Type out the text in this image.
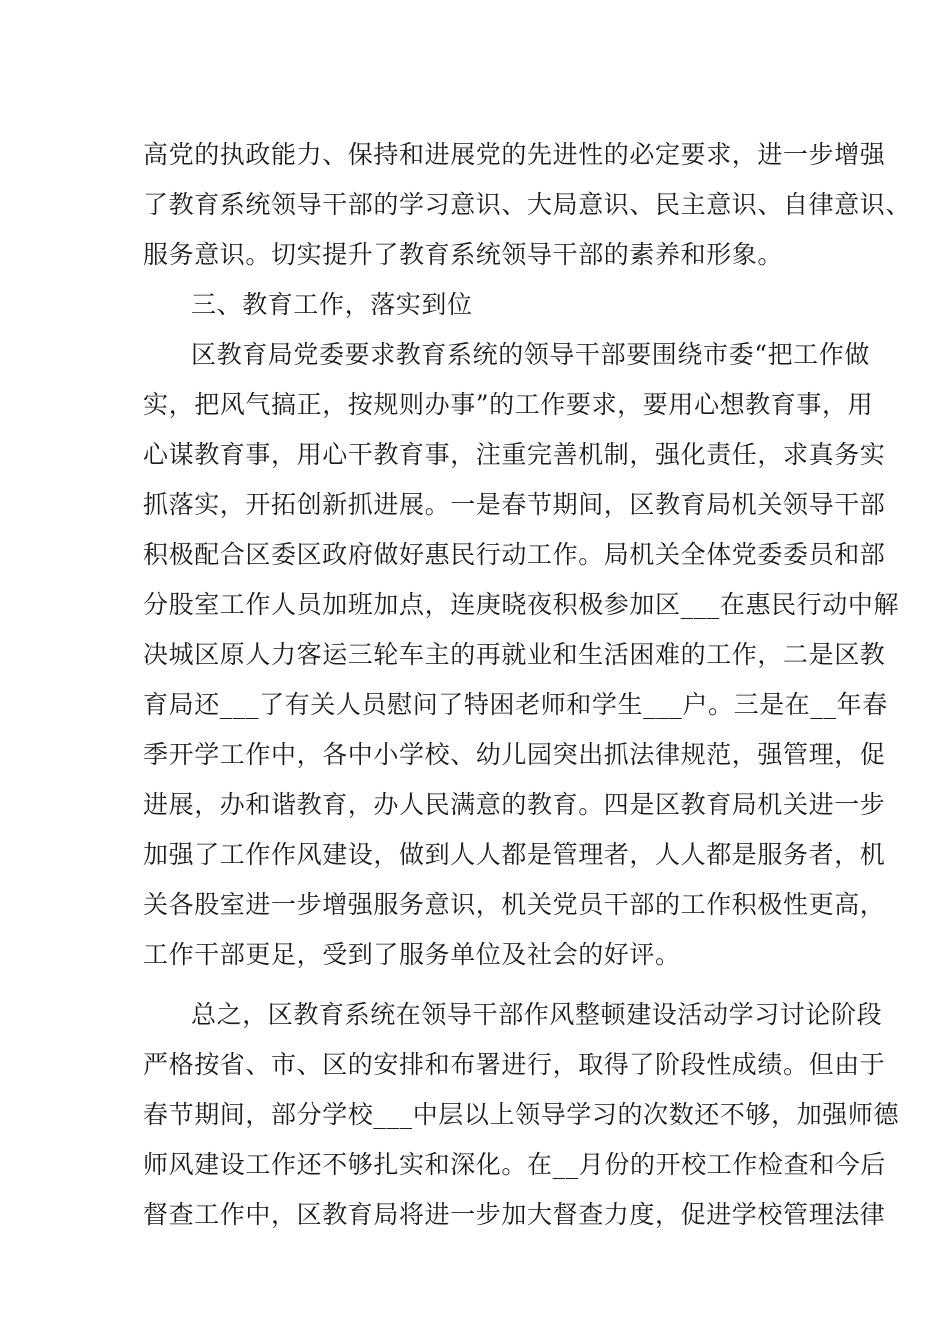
高党的执政能力、保持和进展党的先进性的必定要求，进一步增强
了教育系统领导干部的学习意识、大局意识、民主意识、自律意识、
服务意识。切实提升了教育系统领导干部的素养和形象。
三、教育工作，落实到位
区教育局党委要求教育系统的领导干部要围绕市委“把工作做
实，把风气搞正，按规则办事”的工作要求，要用心想教育事，用
心谋教育事，用心干教育事，注重完善机制，强化责任，求真务实
抓落实，开拓创新抓进展。一是春节期间，区教育局机关领导干部
积极配合区委区政府做好惠民行动工作。局机关全体党委委员和部
分股室工作人员加班加点，连庚晓夜积极参加区___在惠民行动中解
决城区原人力客运三轮车主的再就业和生活困难的工作，二是区教
育局还___了有关人员慰问了特困老师和学生___户。三是在__年春
季开学工作中，各中小学校、幼儿园突出抓法律规范，强管理，促
进展，办和谐教育，办人民满意的教育。四是区教育局机关进一步
加强了工作作风建设，做到人人都是管理者，人人都是服务者，机
关各股室进一步增强服务意识，机关党员干部的工作积极性更高，
工作干部更足，受到了服务单位及社会的好评。
总之，区教育系统在领导干部作风整顿建设活动学习讨论阶段
严格按省、市、区的安排和布署进行，取得了阶段性成绩。但由于
春节期间，部分学校___中层以上领导学习的次数还不够，加强师德
师风建设工作还不够扎实和深化。在__月份的开校工作检查和今后
督查工作中，区教育局将进一步加大督查力度，促进学校管理法律
